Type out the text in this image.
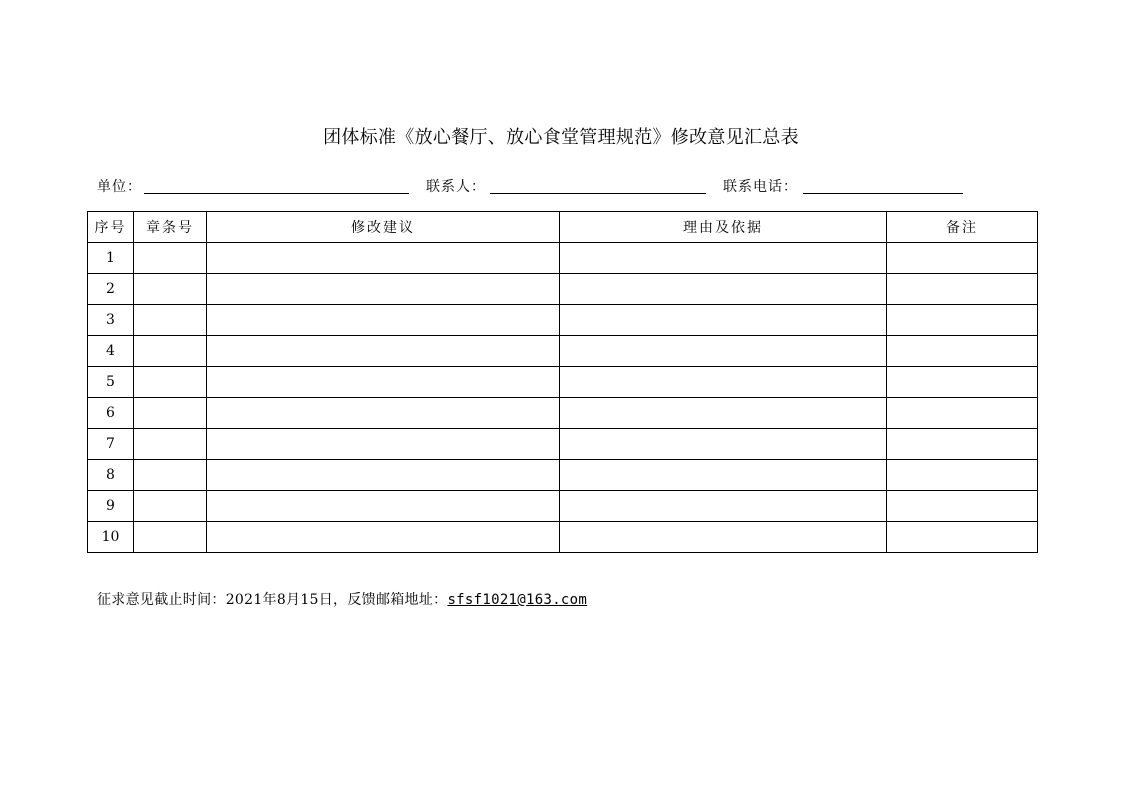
团体标准《放心餐厅、放心食堂管理规范》修改意见汇总表
单位：	联系人：	联系电话：
序号	章条号	修改建议	理由及依据	备注
1				
2				
3				
4				
5				
6				
7				
8				
9				
10				
征求意见截止时间：2021年8月15日，反馈邮箱地址：sfsf1021@163.com
